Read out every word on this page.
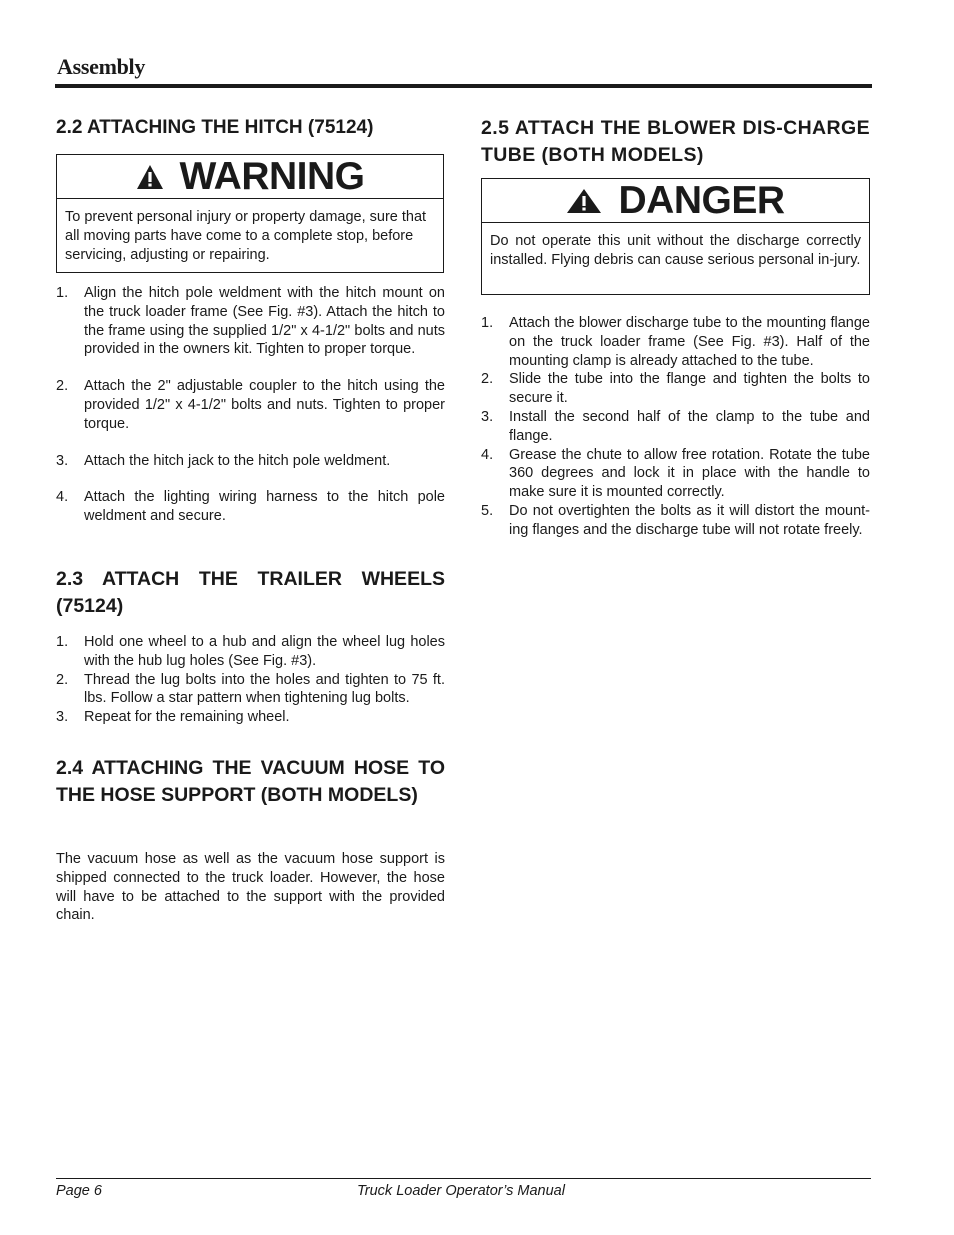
Assembly
2.2 ATTACHING THE HITCH (75124)
WARNING
To prevent personal injury or property damage, sure that all moving parts have come to a complete stop, before servicing, adjusting or repairing.
1.	Align the hitch pole weldment with the hitch mount on the truck loader frame (See Fig. #3). Attach the hitch to the frame using the supplied 1/2" x 4-1/2" bolts and nuts provided in the owners kit. Tighten to proper torque.
2.	Attach the 2" adjustable coupler to the hitch using the provided 1/2" x 4-1/2" bolts and nuts. Tighten to proper torque.
3.	Attach the hitch jack to the hitch pole weldment.
4.	Attach the lighting wiring harness to the hitch pole weldment and secure.
2.3 ATTACH THE TRAILER WHEELS (75124)
1.	Hold one wheel to a hub and align the wheel lug holes with the hub lug holes (See Fig. #3).
2.	Thread the lug bolts into the holes and tighten to 75 ft. lbs. Follow a star pattern when tightening lug bolts.
3.	Repeat for the remaining wheel.
2.4 ATTACHING THE VACUUM HOSE TO THE HOSE SUPPORT (BOTH MODELS)

The vacuum hose as well as the vacuum hose support is shipped connected to the truck loader. However, the hose will have to be attached to the support with the provided chain.

2.5 ATTACH THE BLOWER DIS-CHARGE TUBE (BOTH MODELS)
DANGER
Do not operate this unit without the discharge correctly installed. Flying debris can cause serious personal in-jury.
1.	Attach the blower discharge tube to the mounting flange on the truck loader frame (See Fig. #3). Half of the mounting clamp is already attached to the tube.
2.	Slide the tube into the flange and tighten the bolts to secure it.
3.	Install the second half of the clamp to the tube and flange.
4.	Grease the chute to allow free rotation. Rotate the tube 360 degrees and lock it in place with the handle to make sure it is mounted correctly.
5.	Do not overtighten the bolts as it will distort the mount-ing flanges and the discharge tube will not rotate freely.
Page 6	Truck Loader Operator’s Manual
